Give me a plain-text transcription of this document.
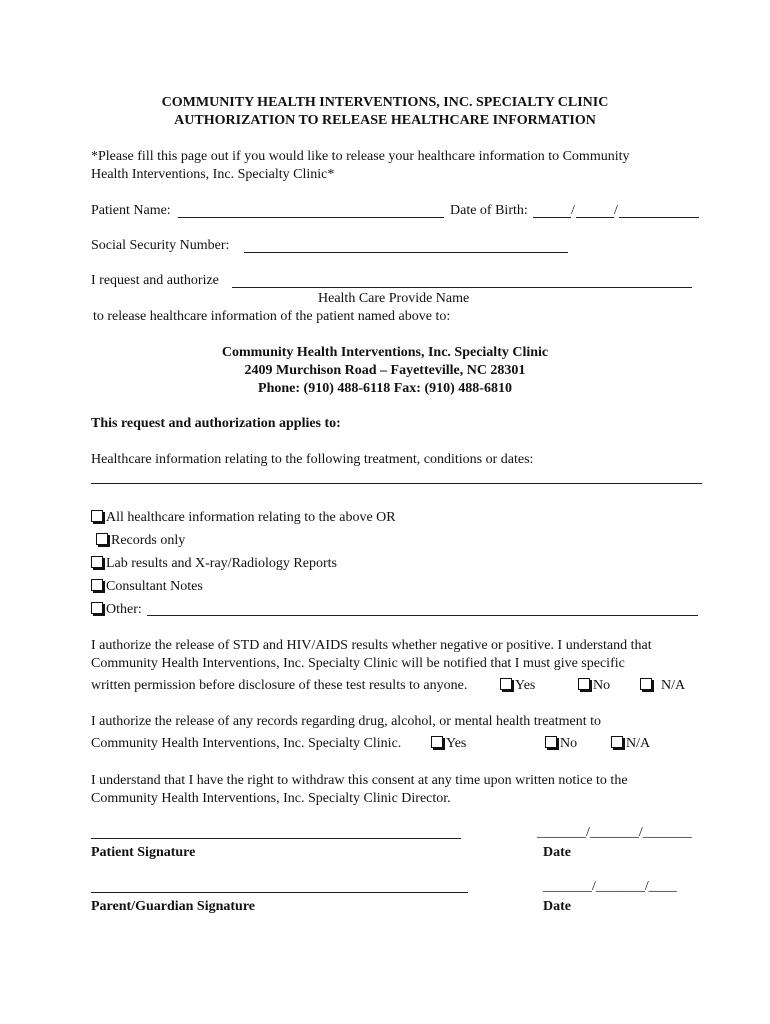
COMMUNITY HEALTH INTERVENTIONS, INC. SPECIALTY CLINIC
AUTHORIZATION TO RELEASE HEALTHCARE INFORMATION
*Please fill this page out if you would like to release your healthcare information to Community
Health Interventions, Inc. Specialty Clinic*
Patient Name:	Date of Birth:	/	/
Social Security Number:
I request and authorize
Health Care Provide Name
to release healthcare information of the patient named above to:
Community Health Interventions, Inc. Specialty Clinic
2409 Murchison Road – Fayetteville, NC 28301
Phone: (910) 488-6118 Fax: (910) 488-6810
This request and authorization applies to:
Healthcare information relating to the following treatment, conditions or dates:
All healthcare information relating to the above OR
Records only
Lab results and X-ray/Radiology Reports
Consultant Notes
Other:
I authorize the release of STD and HIV/AIDS results whether negative or positive. I understand that
Community Health Interventions, Inc. Specialty Clinic will be notified that I must give specific
written permission before disclosure of these test results to anyone.	Yes	No	N/A
I authorize the release of any records regarding drug, alcohol, or mental health treatment to
Community Health Interventions, Inc. Specialty Clinic.	Yes	No	N/A
I understand that I have the right to withdraw this consent at any time upon written notice to the
Community Health Interventions, Inc. Specialty Clinic Director.
_______/_______/_______
Patient Signature	Date
_______/_______/____
Parent/Guardian Signature	Date
